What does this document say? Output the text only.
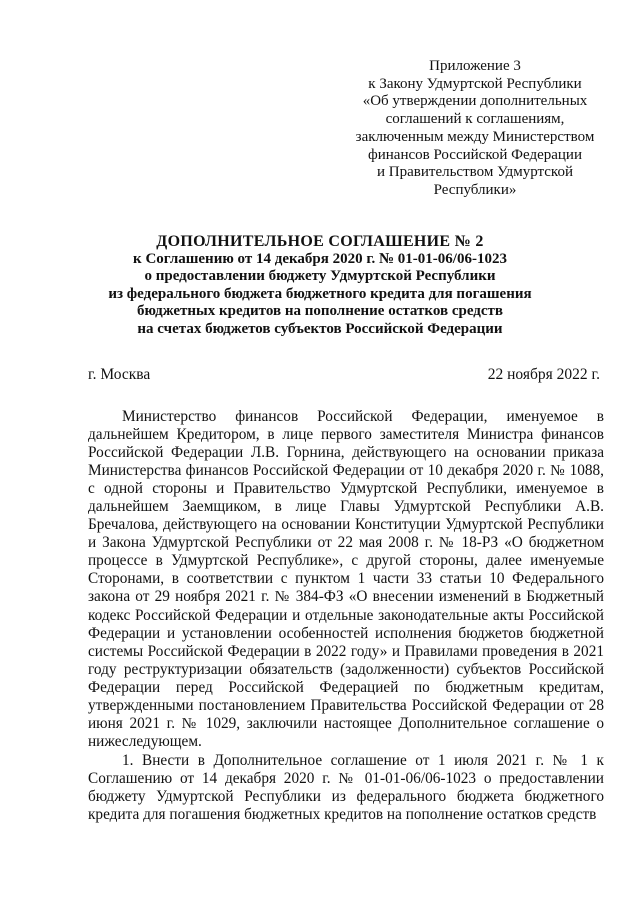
Приложение 3
к Закону Удмуртской Республики
«Об утверждении дополнительных
соглашений к соглашениям,
заключенным между Министерством
финансов Российской Федерации
и Правительством Удмуртской
Республики»
ДОПОЛНИТЕЛЬНОЕ СОГЛАШЕНИЕ № 2
к Соглашению от 14 декабря 2020 г. № 01-01-06/06-1023
о предоставлении бюджету Удмуртской Республики
из федерального бюджета бюджетного кредита для погашения
бюджетных кредитов на пополнение остатков средств
на счетах бюджетов субъектов Российской Федерации
г. Москва	22 ноября 2022 г.

Министерство финансов Российской Федерации, именуемое в дальнейшем Кредитором, в лице первого заместителя Министра финансов Российской Федерации Л.В. Горнина, действующего на основании приказа Министерства финансов Российской Федерации от 10 декабря 2020 г. № 1088, с одной стороны и Правительство Удмуртской Республики, именуемое в дальнейшем Заемщиком, в лице Главы Удмуртской Республики А.В. Бречалова, действующего на основании Конституции Удмуртской Республики и Закона Удмуртской Республики от 22 мая 2008 г. № 18-РЗ «О бюджетном процессе в Удмуртской Республике», с другой стороны, далее именуемые Сторонами, в соответствии с пунктом 1 части 33 статьи 10 Федерального закона от 29 ноября 2021 г. № 384-ФЗ «О внесении изменений в Бюджетный кодекс Российской Федерации и отдельные законодательные акты Российской Федерации и установлении особенностей исполнения бюджетов бюджетной системы Российской Федерации в 2022 году» и Правилами проведения в 2021 году реструктуризации обязательств (задолженности) субъектов Российской Федерации перед Российской Федерацией по бюджетным кредитам, утвержденными постановлением Правительства Российской Федерации от 28 июня 2021 г. № 1029, заключили настоящее Дополнительное соглашение о нижеследующем.

1. Внести в Дополнительное соглашение от 1 июля 2021 г. № 1 к Соглашению от 14 декабря 2020 г. № 01-01-06/06-1023 о предоставлении бюджету Удмуртской Республики из федерального бюджета бюджетного кредита для погашения бюджетных кредитов на пополнение остатков средств
